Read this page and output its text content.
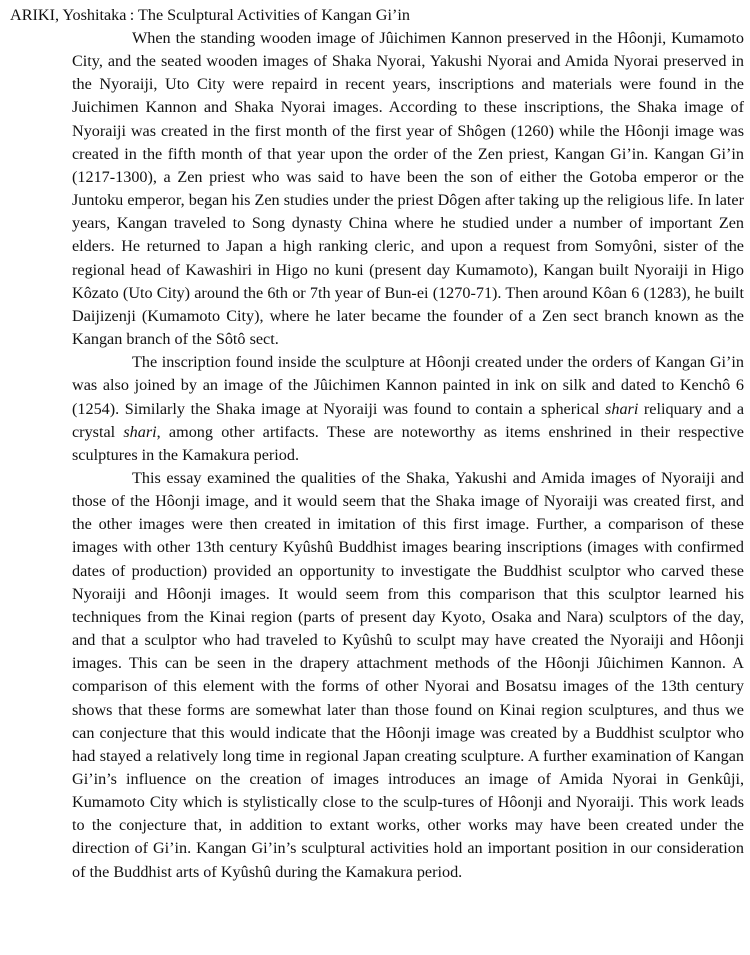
ARIKI, Yoshitaka : The Sculptural Activities of Kangan Gi’in

When the standing wooden image of Jûichimen Kannon preserved in the Hôonji, Kumamoto City, and the seated wooden images of Shaka Nyorai, Yakushi Nyorai and Amida Nyorai preserved in the Nyoraiji, Uto City were repaird in recent years, inscriptions and materials were found in the Juichimen Kannon and Shaka Nyorai images. According to these inscriptions, the Shaka image of Nyoraiji was created in the first month of the first year of Shôgen (1260) while the Hôonji image was created in the fifth month of that year upon the order of the Zen priest, Kangan Gi’in. Kangan Gi’in (1217-1300), a Zen priest who was said to have been the son of either the Gotoba emperor or the Juntoku emperor, began his Zen studies under the priest Dôgen after taking up the religious life. In later years, Kangan traveled to Song dynasty China where he studied under a number of important Zen elders. He returned to Japan a high ranking cleric, and upon a request from Somyôni, sister of the regional head of Kawashiri in Higo no kuni (present day Kumamoto), Kangan built Nyoraiji in Higo Kôzato (Uto City) around the 6th or 7th year of Bun-ei (1270-71). Then around Kôan 6 (1283), he built Daijizenji (Kumamoto City), where he later became the founder of a Zen sect branch known as the Kangan branch of the Sôtô sect.

The inscription found inside the sculpture at Hôonji created under the orders of Kangan Gi’in was also joined by an image of the Jûichimen Kannon painted in ink on silk and dated to Kenchô 6 (1254). Similarly the Shaka image at Nyoraiji was found to contain a spherical shari reliquary and a crystal shari, among other artifacts. These are noteworthy as items enshrined in their respective sculptures in the Kamakura period.

This essay examined the qualities of the Shaka, Yakushi and Amida images of Nyoraiji and those of the Hôonji image, and it would seem that the Shaka image of Nyoraiji was created first, and the other images were then created in imitation of this first image. Further, a comparison of these images with other 13th century Kyûshû Buddhist images bearing inscriptions (images with confirmed dates of production) provided an opportunity to investigate the Buddhist sculptor who carved these Nyoraiji and Hôonji images. It would seem from this comparison that this sculptor learned his techniques from the Kinai region (parts of present day Kyoto, Osaka and Nara) sculptors of the day, and that a sculptor who had traveled to Kyûshû to sculpt may have created the Nyoraiji and Hôonji images. This can be seen in the drapery attachment methods of the Hôonji Jûichimen Kannon. A comparison of this element with the forms of other Nyorai and Bosatsu images of the 13th century shows that these forms are somewhat later than those found on Kinai region sculptures, and thus we can conjecture that this would indicate that the Hôonji image was created by a Buddhist sculptor who had stayed a relatively long time in regional Japan creating sculpture. A further examination of Kangan Gi’in’s influence on the creation of images introduces an image of Amida Nyorai in Genkûji, Kumamoto City which is stylistically close to the sculp-tures of Hôonji and Nyoraiji. This work leads to the conjecture that, in addition to extant works, other works may have been created under the direction of Gi’in. Kangan Gi’in’s sculptural activities hold an important position in our consideration of the Buddhist arts of Kyûshû during the Kamakura period.
